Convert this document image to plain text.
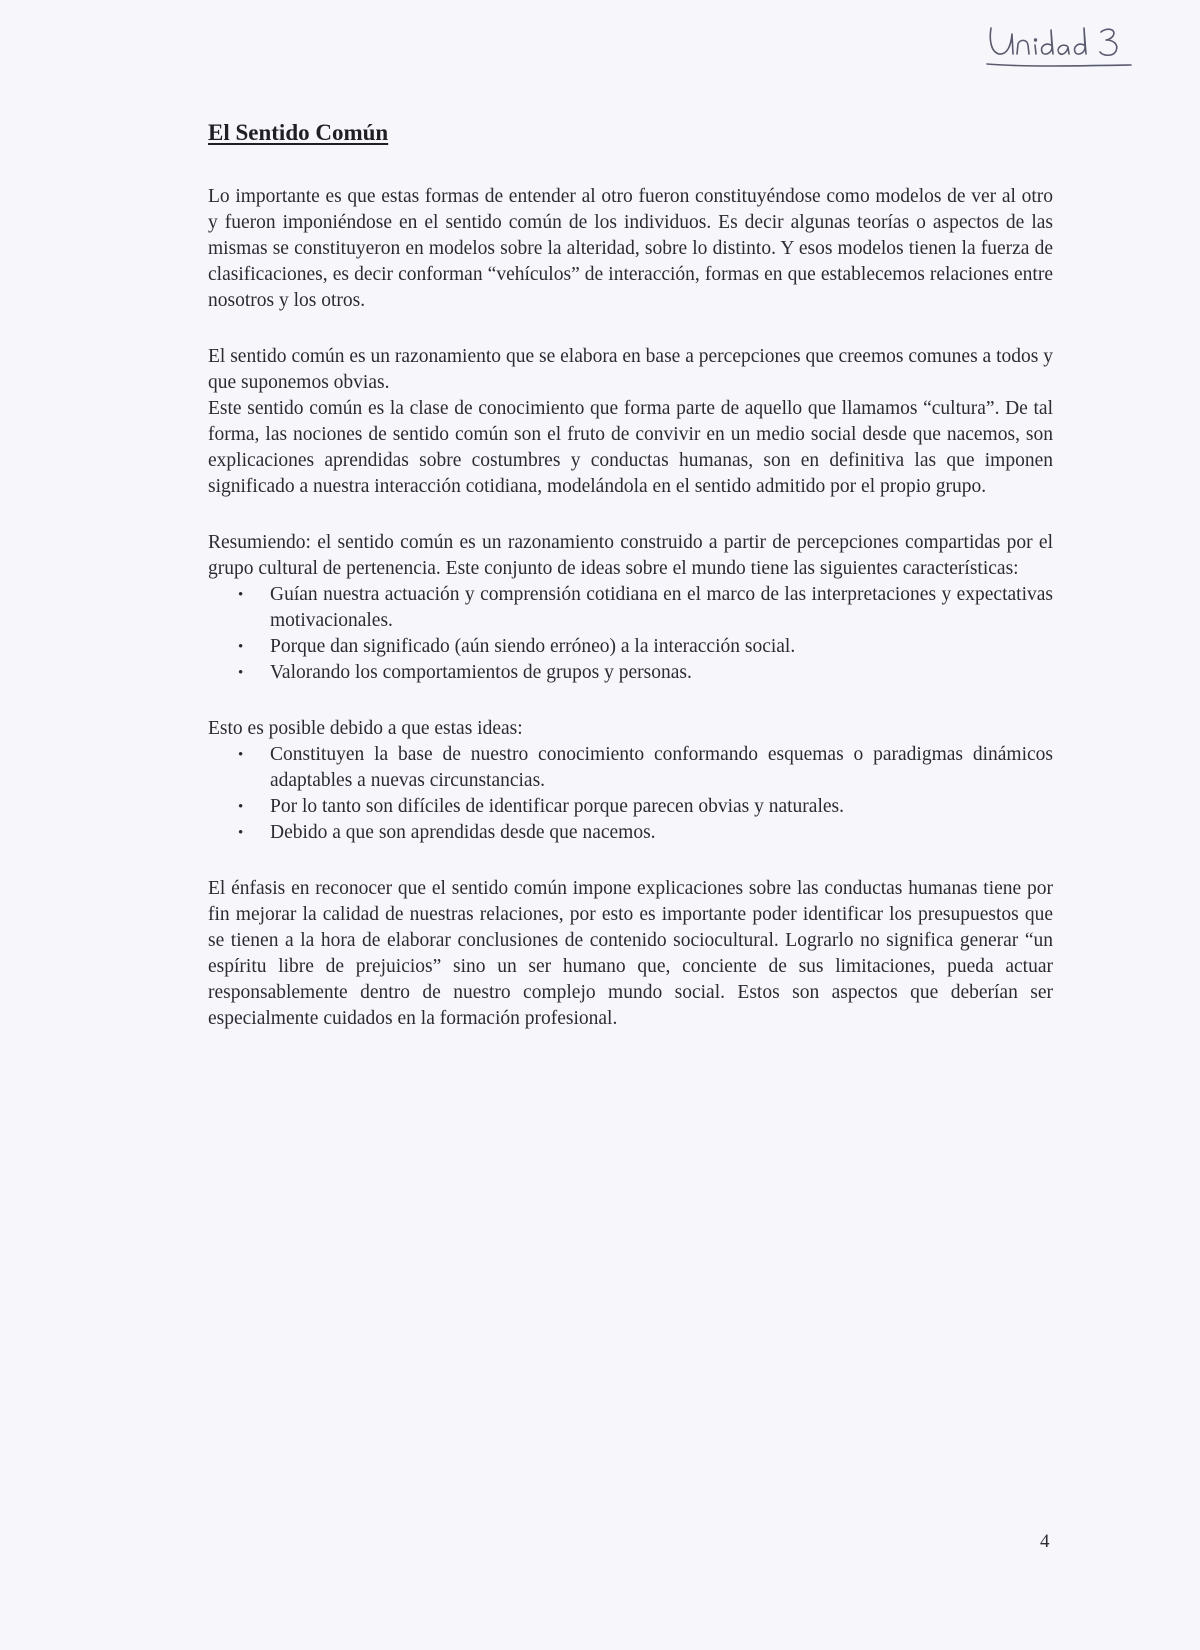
El Sentido Común

Lo importante es que estas formas de entender al otro fueron constituyéndose como modelos de ver al otro y fueron imponiéndose en el sentido común de los individuos. Es decir algunas teorías o aspectos de las mismas se constituyeron en modelos sobre la alteridad, sobre lo distinto. Y esos modelos tienen la fuerza de clasificaciones, es decir conforman “vehículos” de interacción, formas en que establecemos relaciones entre nosotros y los otros.

El sentido común es un razonamiento que se elabora en base a percepciones que creemos comunes a todos y que suponemos obvias.

Este sentido común es la clase de conocimiento que forma parte de aquello que llamamos “cultura”. De tal forma, las nociones de sentido común son el fruto de convivir en un medio social desde que nacemos, son explicaciones aprendidas sobre costumbres y conductas humanas, son en definitiva las que imponen significado a nuestra interacción cotidiana, modelándola en el sentido admitido por el propio grupo.

Resumiendo: el sentido común es un razonamiento construido a partir de percepciones compartidas por el grupo cultural de pertenencia. Este conjunto de ideas sobre el mundo tiene las siguientes características:

•	Guían nuestra actuación y comprensión cotidiana en el marco de las interpretaciones y expectativas motivacionales.
•	Porque dan significado (aún siendo erróneo) a la interacción social.
•	Valorando los comportamientos de grupos y personas.

Esto es posible debido a que estas ideas:

•	Constituyen la base de nuestro conocimiento conformando esquemas o paradigmas dinámicos adaptables a nuevas circunstancias.
•	Por lo tanto son difíciles de identificar porque parecen obvias y naturales.
•	Debido a que son aprendidas desde que nacemos.

El énfasis en reconocer que el sentido común impone explicaciones sobre las conductas humanas tiene por fin mejorar la calidad de nuestras relaciones, por esto es importante poder identificar los presupuestos que se tienen a la hora de elaborar conclusiones de contenido sociocultural. Lograrlo no significa generar “un espíritu libre de prejuicios” sino un ser humano que, conciente de sus limitaciones, pueda actuar responsablemente dentro de nuestro complejo mundo social. Estos son aspectos que deberían ser especialmente cuidados en la formación profesional.

4
